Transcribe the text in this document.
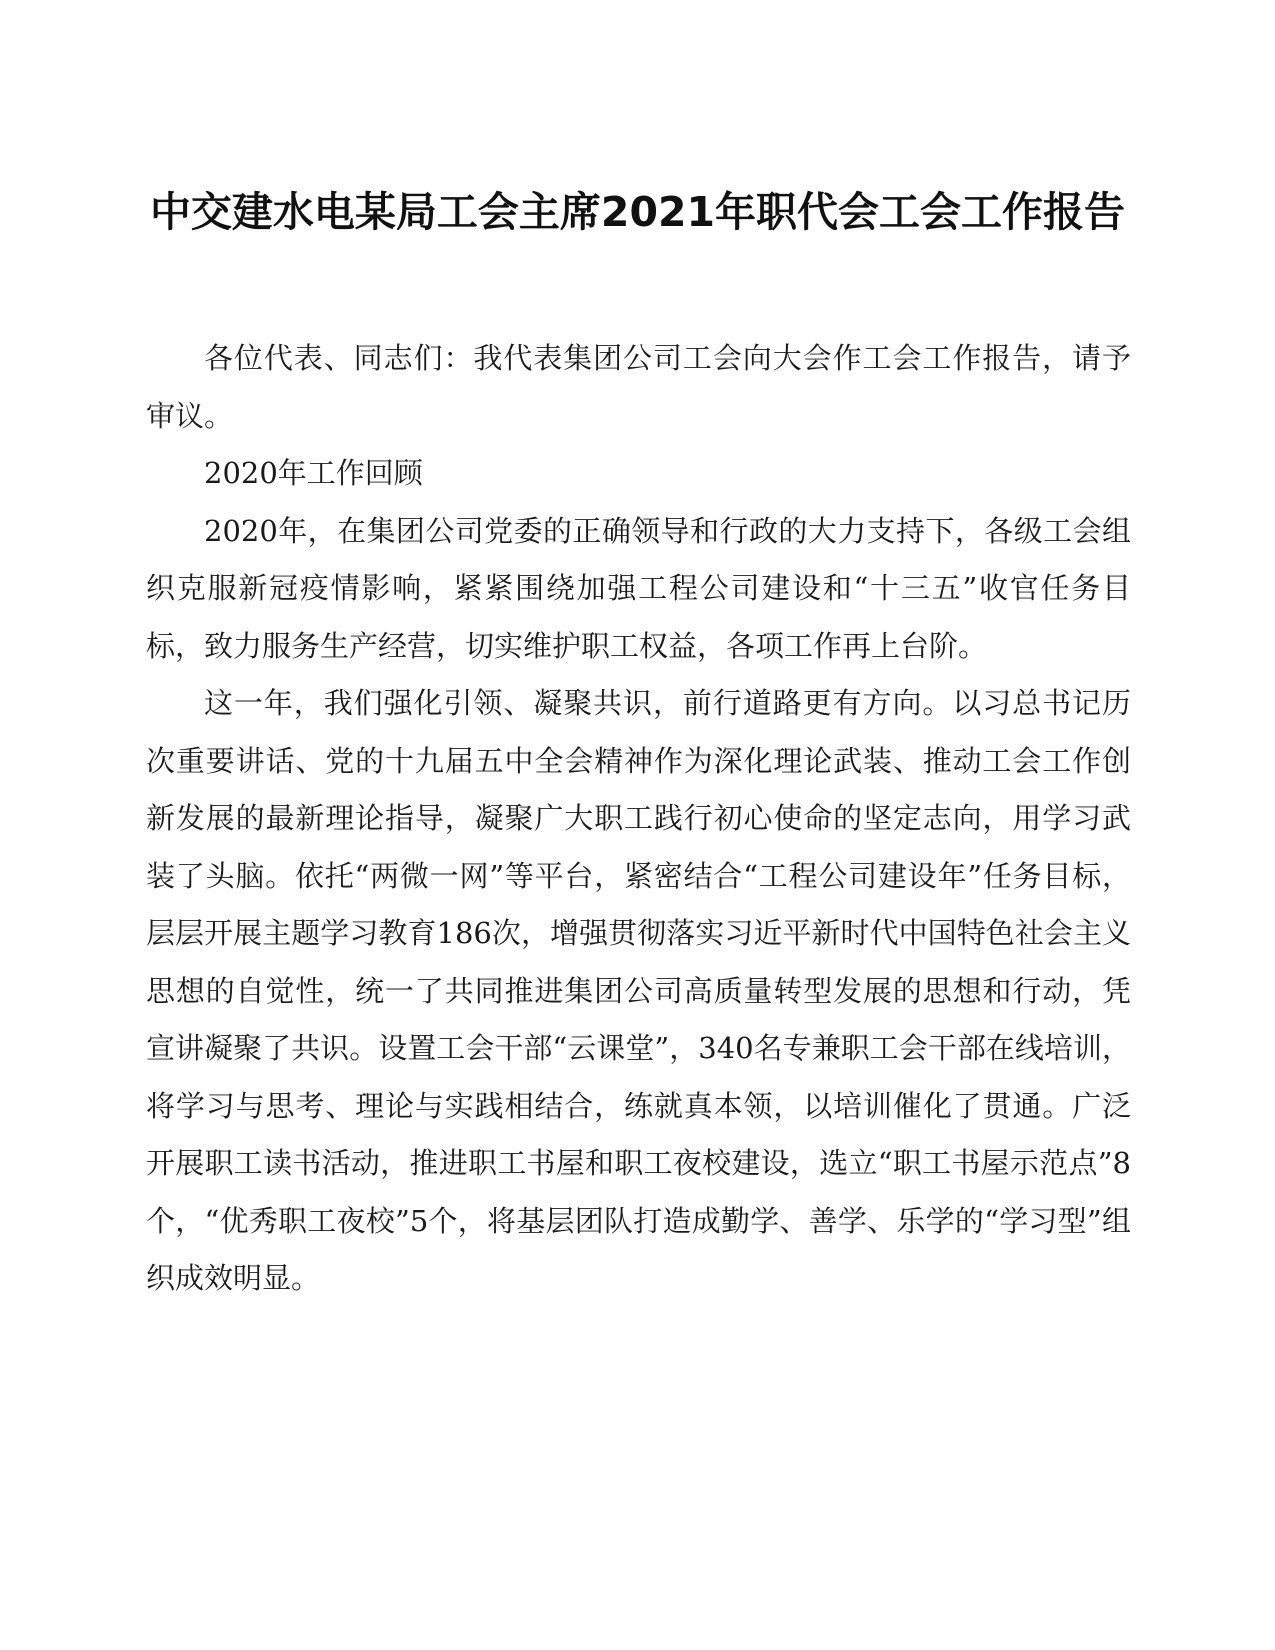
中交建水电某局工会主席2021年职代会工会工作报告

各位代表、同志们：我代表集团公司工会向大会作工会工作报告，请予审议。

2020年工作回顾

2020年，在集团公司党委的正确领导和行政的大力支持下，各级工会组织克服新冠疫情影响，紧紧围绕加强工程公司建设和“十三五”收官任务目标，致力服务生产经营，切实维护职工权益，各项工作再上台阶。

这一年，我们强化引领、凝聚共识，前行道路更有方向。以习总书记历次重要讲话、党的十九届五中全会精神作为深化理论武装、推动工会工作创新发展的最新理论指导，凝聚广大职工践行初心使命的坚定志向，用学习武装了头脑。依托“两微一网”等平台，紧密结合“工程公司建设年”任务目标，层层开展主题学习教育186次，增强贯彻落实习近平新时代中国特色社会主义思想的自觉性，统一了共同推进集团公司高质量转型发展的思想和行动，凭宣讲凝聚了共识。设置工会干部“云课堂”，340名专兼职工会干部在线培训，将学习与思考、理论与实践相结合，练就真本领，以培训催化了贯通。广泛开展职工读书活动，推进职工书屋和职工夜校建设，选立“职工书屋示范点”8个，“优秀职工夜校”5个，将基层团队打造成勤学、善学、乐学的“学习型”组织成效明显。
